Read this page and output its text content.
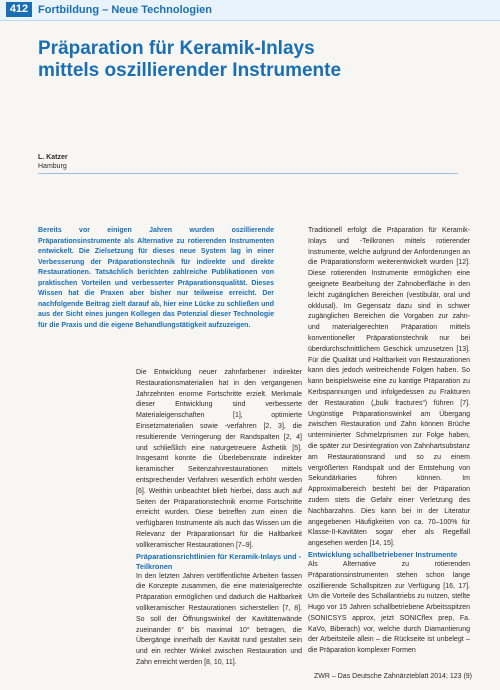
412 Fortbildung – Neue Technologien
Präparation für Keramik-Inlays
mittels oszillierender Instrumente
L. Katzer
Hamburg
Bereits vor einigen Jahren wurden oszillierende Präparationsinstrumente als Alternative zu rotierenden Instrumenten entwickelt. Die Zielsetzung für dieses neue System lag in einer Verbesserung der Präparationstechnik für indirekte und direkte Restaurationen. Tatsächlich berichten zahlreiche Publikationen von praktischen Vorteilen und verbesserter Präparationsqualität. Dieses Wissen hat die Praxen aber bisher nur teilweise erreicht. Der nachfolgende Beitrag zielt darauf ab, hier eine Lücke zu schließen und aus der Sicht eines jungen Kollegen das Potenzial dieser Technologie für die Praxis und die eigene Behandlungstätigkeit aufzuzeigen.

Die Entwicklung neuer zahnfarbener indirekter Restaurationsmaterialien hat in den vergangenen Jahrzehnten enorme Fortschritte erzielt. Merkmale dieser Entwicklung sind verbesserte Materialeigenschaften [1], optimierte Einsetzmaterialien sowie -verfahren [2, 3], die resultierende Verringerung der Randspalten [2, 4] und schließlich eine naturgetreuere Ästhetik [5]. Insgesamt konnte die Überlebensrate indirekter keramischer Seitenzahnrestaurationen mittels entsprechender Verfahren wesentlich erhöht werden [6]. Weithin unbeachtet blieb hierbei, dass auch auf Seiten der Präparationstechnik enorme Fortschritte erreicht wurden. Diese betreffen zum einen die verfügbaren Instrumente als auch das Wissen um die Relevanz der Präparationsart für die Haltbarkeit vollkeramischer Restaurationen [7–9].

Präparationsrichtlinien für Keramik-Inlays und -Teilkronen

In den letzten Jahren veröffentlichte Arbeiten fassen die Konzepte zusammen, die eine materialgerechte Präparation ermöglichen und dadurch die Haltbarkeit vollkeramischer Restaurationen sicherstellen [7, 8]. So soll der Öffnungswinkel der Kavitätenwände zueinander 6° bis maximal 10° betragen, die Übergänge innerhalb der Kavität rund gestaltet sein und ein rechter Winkel zwischen Restauration und Zahn erreicht werden [8, 10, 11].

Traditionell erfolgt die Präparation für Keramik-Inlays und -Teilkronen mittels rotierender Instrumente, welche aufgrund der Anforderungen an die Präparationsform weiterentwickelt wurden [12]. Diese rotierenden Instrumente ermöglichen eine geeignete Bearbeitung der Zahnoberfläche in den leicht zugänglichen Bereichen (vestibulär, oral und okklusal). Im Gegensatz dazu sind in schwer zugänglichen Bereichen die Vorgaben zur zahn- und materialgerechten Präparation mittels konventioneller Präparationstechnik nur bei überdurchschnittlichem Geschick umzusetzen [13]. Für die Qualität und Haltbarkeit von Restaurationen kann dies jedoch weitreichende Folgen haben. So kann beispielsweise eine zu kantige Präparation zu Kerbspannungen und infolgedessen zu Frakturen der Restauration („bulk fractures“) führen [7]. Ungünstige Präparationswinkel am Übergang zwischen Restauration und Zahn können Brüche unterminierter Schmelzprismen zur Folge haben, die später zur Desintegration von Zahnhartsubstanz am Restaurationsrand und so zu einem vergrößerten Randspalt und der Entstehung von Sekundärkaries führen können. Im Approximalbereich besteht bei der Präparation zudem stets die Gefahr einer Verletzung des Nachbarzahns. Dies kann bei in der Literatur angegebenen Häufigkeiten von ca. 70–100% für Klasse-II-Kavitäten sogar eher als Regelfall angesehen werden [14, 15].

Entwicklung schallbetriebener Instrumente

Als Alternative zu rotierenden Präparationsinstrumenten stehen schon lange oszillierende Schallspitzen zur Verfügung [16, 17]. Um die Vorteile des Schallantriebs zu nutzen, stellte Hugo vor 15 Jahren schallbetriebene Arbeitsspitzen (SONICSYS approx, jetzt SONICflex prep, Fa. KaVo, Biberach) vor, welche durch Diamantierung der Arbeitsteile allein – die Rückseite ist unbelegt – die Präparation komplexer Formen

ZWR – Das Deutsche Zahnärzteblatt 2014; 123 (9)
